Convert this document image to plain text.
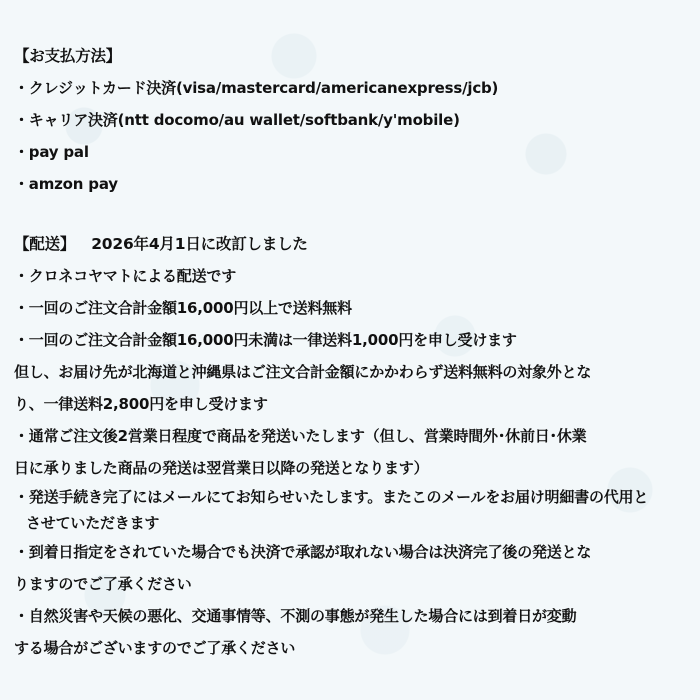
【お支払方法】
・クレジットカード決済(visa/mastercard/americanexpress/jcb)
・キャリア決済(ntt docomo/au wallet/softbank/y'mobile)
・pay pal
・amzon pay
【配送】 2026年4月1日に改訂しました
・クロネコヤマトによる配送です
・一回のご注文合計金額16,000円以上で送料無料
・一回のご注文合計金額16,000円未満は一律送料1,000円を申し受けます
但し、お届け先が北海道と沖縄県はご注文合計金額にかかわらず送料無料の対象外とな
り、一律送料2,800円を申し受けます
・通常ご注文後2営業日程度で商品を発送いたします（但し、営業時間外･休前日･休業
日に承りました商品の発送は翌営業日以降の発送となります）
・発送手続き完了にはメールにてお知らせいたします。またこのメールをお届け明細書の代用と
させていただきます
・到着日指定をされていた場合でも決済で承認が取れない場合は決済完了後の発送とな
りますのでご了承ください
・自然災害や天候の悪化、交通事情等、不測の事態が発生した場合には到着日が変動
する場合がございますのでご了承ください
